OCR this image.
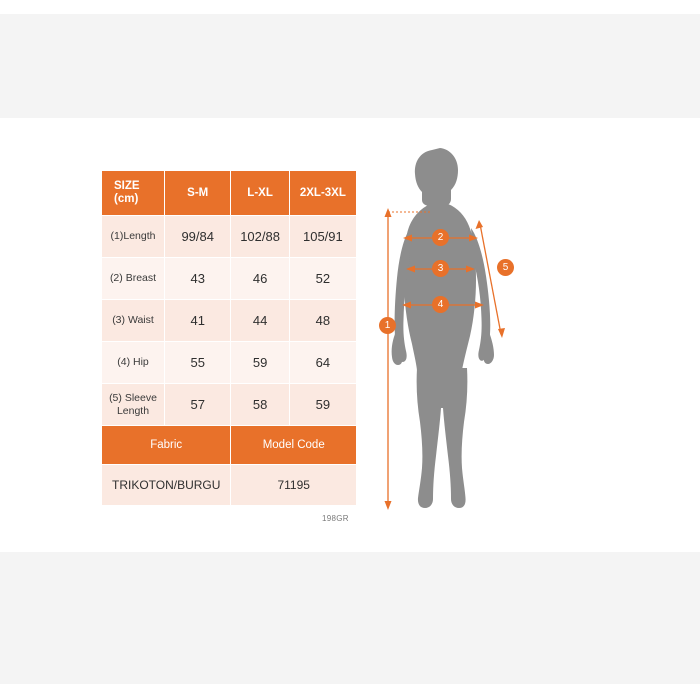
SIZE
(cm)	S-M	L-XL	2XL-3XL
(1)Length	99/84	102/88	105/91
(2) Breast	43	46	52
(3) Waist	41	44	48
(4) Hip	55	59	64
(5) Sleeve
Length	57	58	59
Fabric		Model Code	
TRIKOTON/BURGU		71195	
198GR
1
2
3
4
5
